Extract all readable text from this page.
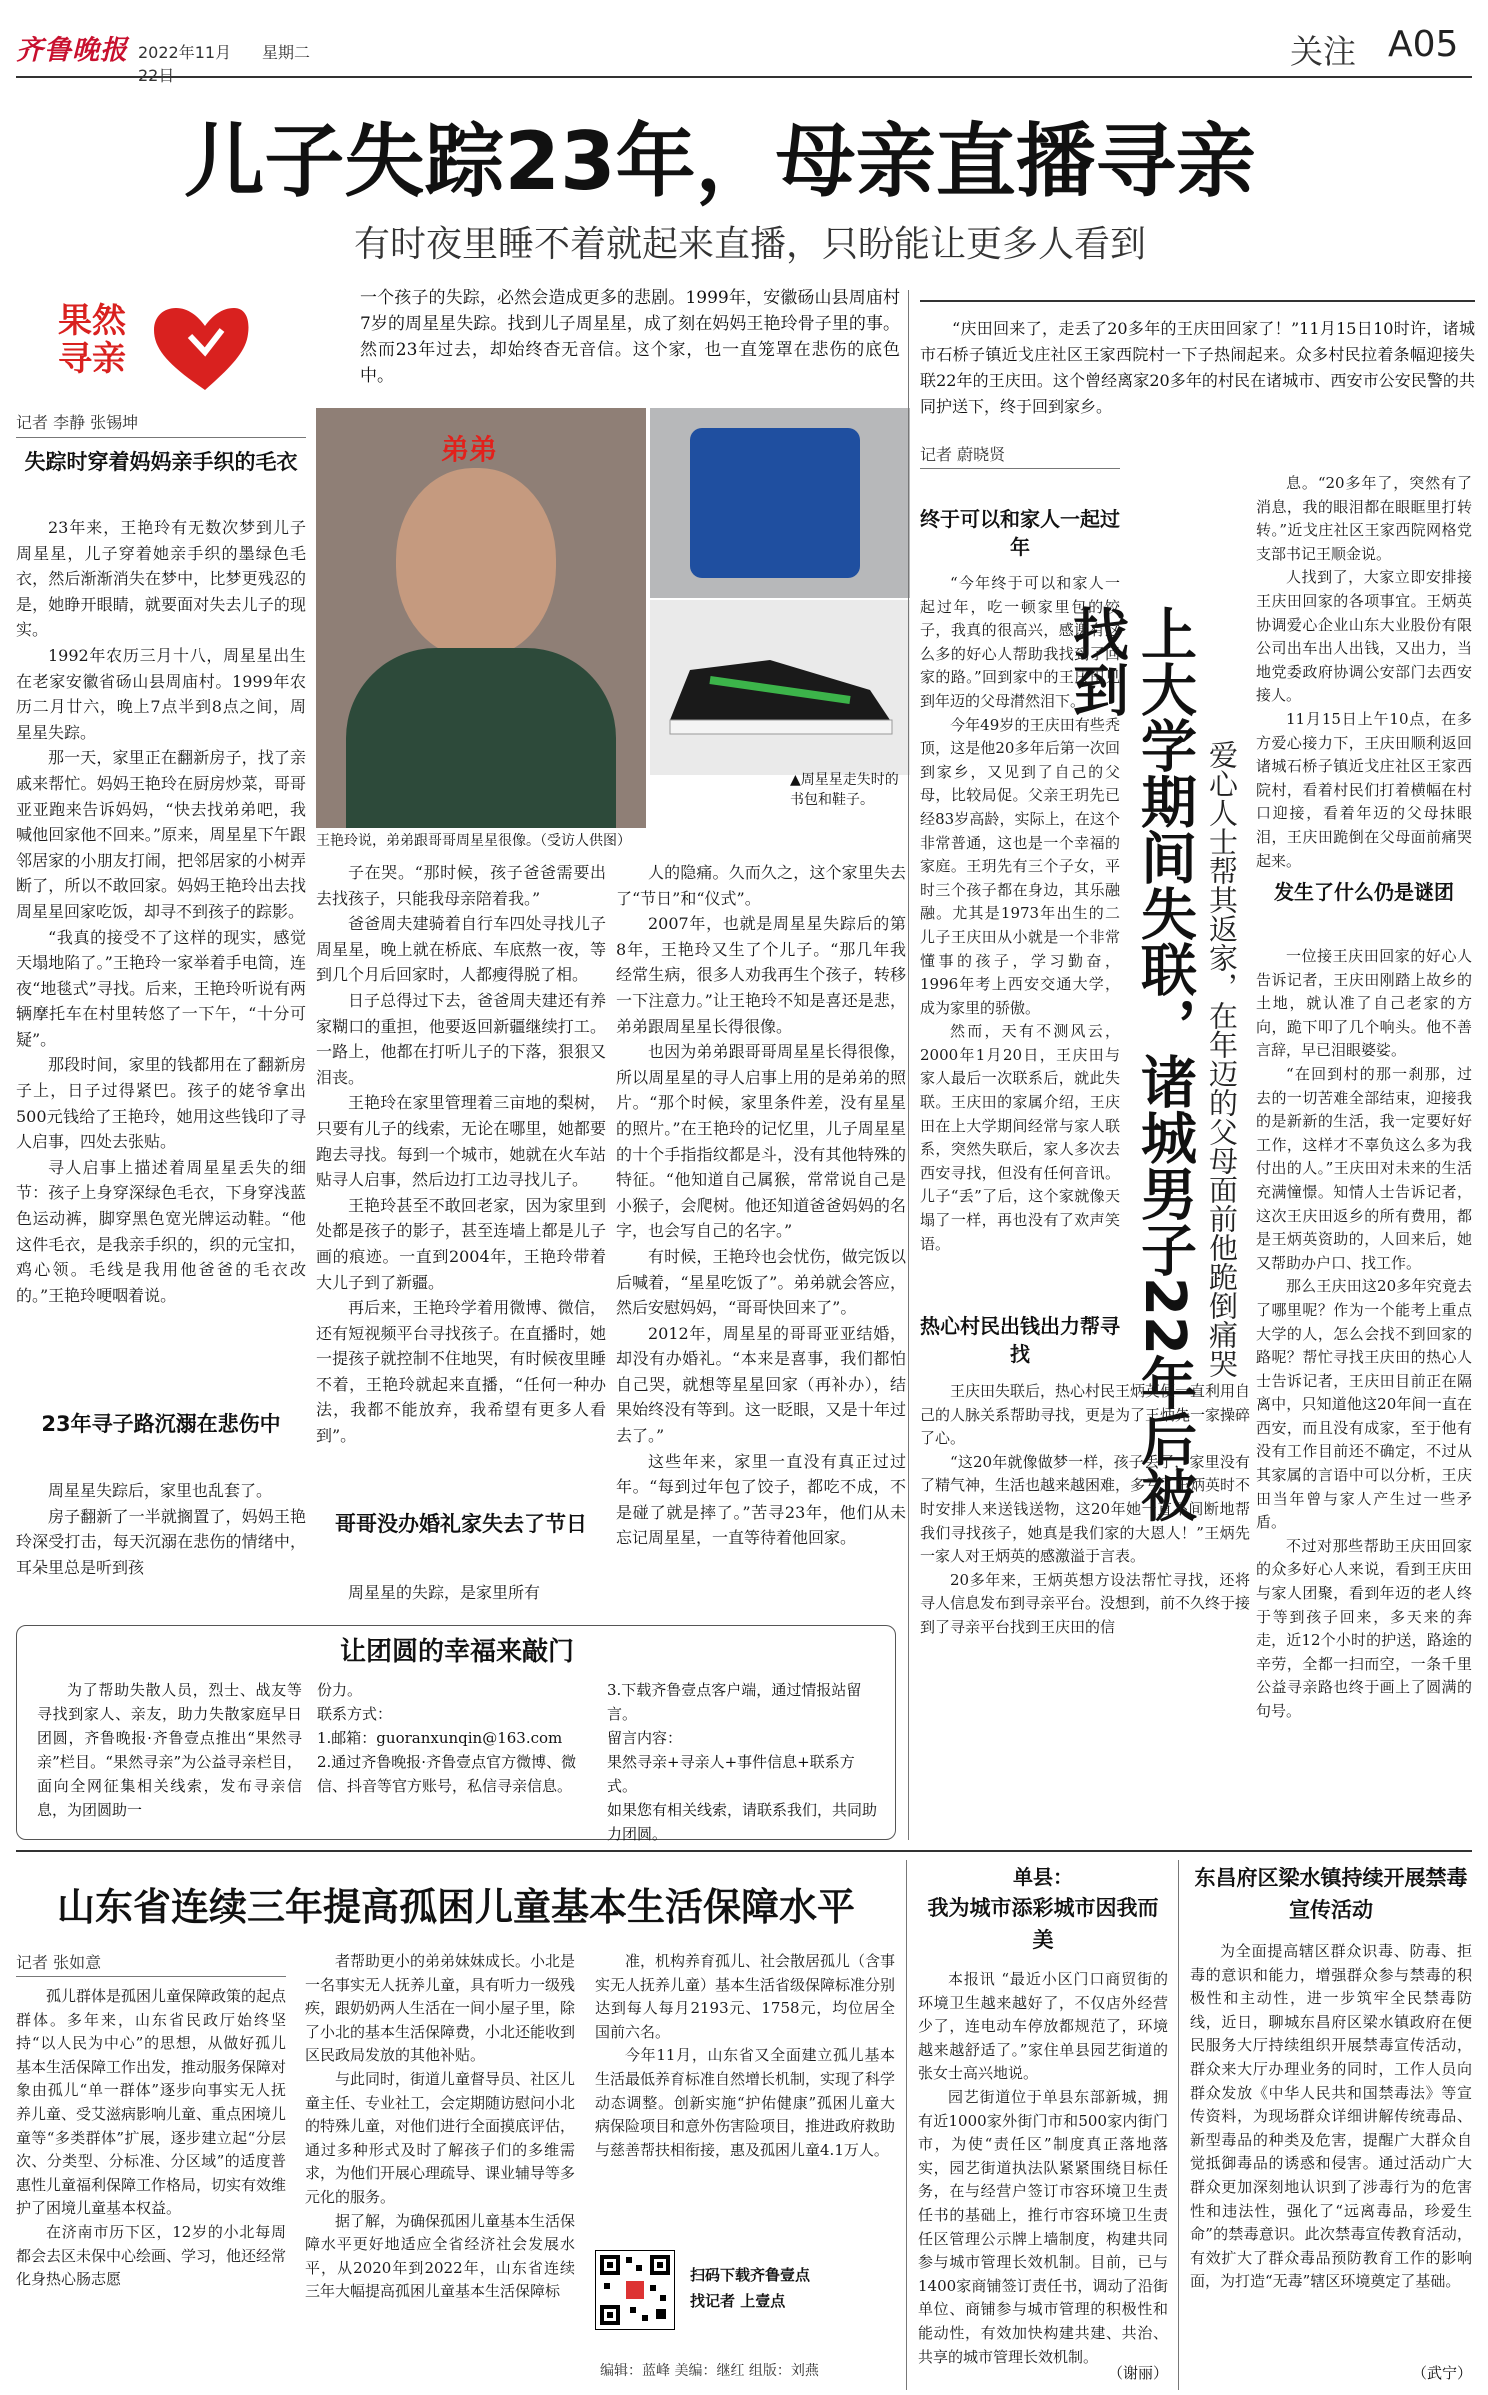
齐鲁晚报 2022年11月	星期二	关注 A05
儿子失踪23年，母亲直播寻亲
有时夜里睡不着就起来直播，只盼能让更多人看到
果然寻亲
一个孩子的失踪，必然会造成更多的悲剧。1999年，安徽砀山县周庙村7岁的周星星失踪。找到儿子周星星，成了刻在妈妈王艳玲骨子里的事。然而23年过去，却始终杳无音信。这个家，也一直笼罩在悲伤的底色中。
记者 李静 张锡坤
弟弟
▲周星星走失时的书包和鞋子。
王艳玲说，弟弟跟哥哥周星星很像。（受访人供图）
失踪时穿着妈妈亲手织的毛衣

23年来，王艳玲有无数次梦到儿子周星星，儿子穿着她亲手织的墨绿色毛衣，然后渐渐消失在梦中，比梦更残忍的是，她睁开眼睛，就要面对失去儿子的现实。

1992年农历三月十八，周星星出生在老家安徽省砀山县周庙村。1999年农历二月廿六，晚上7点半到8点之间，周星星失踪。

那一天，家里正在翻新房子，找了亲戚来帮忙。妈妈王艳玲在厨房炒菜，哥哥亚亚跑来告诉妈妈，“快去找弟弟吧，我喊他回家他不回来。”原来，周星星下午跟邻居家的小朋友打闹，把邻居家的小树弄断了，所以不敢回家。妈妈王艳玲出去找周星星回家吃饭，却寻不到孩子的踪影。

“我真的接受不了这样的现实，感觉天塌地陷了。”王艳玲一家举着手电筒，连夜“地毯式”寻找。后来，王艳玲听说有两辆摩托车在村里转悠了一下午，“十分可疑”。

那段时间，家里的钱都用在了翻新房子上，日子过得紧巴。孩子的姥爷拿出500元钱给了王艳玲，她用这些钱印了寻人启事，四处去张贴。

寻人启事上描述着周星星丢失的细节：孩子上身穿深绿色毛衣，下身穿浅蓝色运动裤，脚穿黑色宽光牌运动鞋。“他这件毛衣，是我亲手织的，织的元宝扣，鸡心领。毛线是我用他爸爸的毛衣改的。”王艳玲哽咽着说。

23年寻子路沉溺在悲伤中

周星星失踪后，家里也乱套了。

房子翻新了一半就搁置了，妈妈王艳玲深受打击，每天沉溺在悲伤的情绪中，耳朵里总是听到孩

子在哭。“那时候，孩子爸爸需要出去找孩子，只能我母亲陪着我。”

爸爸周夫建骑着自行车四处寻找儿子周星星，晚上就在桥底、车底熬一夜，等到几个月后回家时，人都瘦得脱了相。

日子总得过下去，爸爸周夫建还有养家糊口的重担，他要返回新疆继续打工。一路上，他都在打听儿子的下落，狠狠又泪丧。

王艳玲在家里管理着三亩地的梨树，只要有儿子的线索，无论在哪里，她都要跑去寻找。每到一个城市，她就在火车站贴寻人启事，然后边打工边寻找儿子。

王艳玲甚至不敢回老家，因为家里到处都是孩子的影子，甚至连墙上都是儿子画的痕迹。一直到2004年，王艳玲带着大儿子到了新疆。

再后来，王艳玲学着用微博、微信，还有短视频平台寻找孩子。在直播时，她一提孩子就控制不住地哭，有时候夜里睡不着，王艳玲就起来直播，“任何一种办法，我都不能放弃，我希望有更多人看到”。

哥哥没办婚礼家失去了节日

周星星的失踪，是家里所有

人的隐痛。久而久之，这个家里失去了“节日”和“仪式”。

2007年，也就是周星星失踪后的第8年，王艳玲又生了个儿子。“那几年我经常生病，很多人劝我再生个孩子，转移一下注意力。”让王艳玲不知是喜还是悲，弟弟跟周星星长得很像。

也因为弟弟跟哥哥周星星长得很像，所以周星星的寻人启事上用的是弟弟的照片。“那个时候，家里条件差，没有星星的照片。”在王艳玲的记忆里，儿子周星星的十个手指指纹都是斗，没有其他特殊的特征。“他知道自己属猴，常常说自己是小猴子，会爬树。他还知道爸爸妈妈的名字，也会写自己的名字。”

有时候，王艳玲也会忧伤，做完饭以后喊着，“星星吃饭了”。弟弟就会答应，然后安慰妈妈，“哥哥快回来了”。

2012年，周星星的哥哥亚亚结婚，却没有办婚礼。“本来是喜事，我们都怕自己哭，就想等星星回家（再补办），结果始终没有等到。这一眨眼，又是十年过去了。”

这些年来，家里一直没有真正过过年。“每到过年包了饺子，都吃不成，不是碰了就是摔了。”苦寻23年，他们从未忘记周星星，一直等待着他回家。

让团圆的幸福来敲门
为了帮助失散人员，烈士、战友等寻找到家人、亲友，助力失散家庭早日团圆，齐鲁晚报·齐鲁壹点推出“果然寻亲”栏目。“果然寻亲”为公益寻亲栏目，面向全网征集相关线索，发布寻亲信息，为团圆助一
份力。
联系方式：
1.邮箱：guoranxunqin@163.com
2.通过齐鲁晚报·齐鲁壹点官方微博、微信、抖音等官方账号，私信寻亲信息。
3.下载齐鲁壹点客户端，通过情报站留言。
留言内容：
果然寻亲+寻亲人+事件信息+联系方式。
如果您有相关线索，请联系我们，共同助力团圆。
“庆田回来了，走丢了20多年的王庆田回家了！”11月15日10时许，诸城市石桥子镇近戈庄社区王家西院村一下子热闹起来。众多村民拉着条幅迎接失联22年的王庆田。这个曾经离家20多年的村民在诸城市、西安市公安民警的共同护送下，终于回到家乡。
记者 蔚晓贤
上大学期间失联，诸城男子22年后被找到
爱心人士帮其返家，在年迈的父母面前他跪倒痛哭
终于可以和家人一起过年

“今年终于可以和家人一起过年，吃一顿家里包的饺子，我真的很高兴，感谢有这么多的好心人帮助我找到了回家的路。”回到家中的王庆田见到年迈的父母潸然泪下。

今年49岁的王庆田有些秃顶，这是他20多年后第一次回到家乡，又见到了自己的父母，比较局促。父亲王玥先已经83岁高龄，实际上，在这个非常普通，这也是一个幸福的家庭。王玥先有三个子女，平时三个孩子都在身边，其乐融融。尤其是1973年出生的二儿子王庆田从小就是一个非常懂事的孩子，学习勤奋，1996年考上西安交通大学，成为家里的骄傲。

然而，天有不测风云，2000年1月20日，王庆田与家人最后一次联系后，就此失联。王庆田的家属介绍，王庆田在上大学期间经常与家人联系，突然失联后，家人多次去西安寻找，但没有任何音讯。儿子“丢”了后，这个家就像天塌了一样，再也没有了欢声笑语。

热心村民出钱出力帮寻找

王庆田失联后，热心村民王炳英便一直利用自己的人脉关系帮助寻找，更是为了王炳先一家操碎了心。

“这20年就像做梦一样，孩子丢了，家里没有了精气神，生活也越来越困难，多亏了王炳英时不时安排人来送钱送物，这20年她一直不间断地帮我们寻找孩子，她真是我们家的大恩人！”王炳先一家人对王炳英的感激溢于言表。

20多年来，王炳英想方设法帮忙寻找，还将寻人信息发布到寻亲平台。没想到，前不久终于接到了寻亲平台找到王庆田的信

息。“20多年了，突然有了消息，我的眼泪都在眼眶里打转转。”近戈庄社区王家西院网格党支部书记王顺金说。

人找到了，大家立即安排接王庆田回家的各项事宜。王炳英协调爱心企业山东大业股份有限公司出车出人出钱，又出力，当地党委政府协调公安部门去西安接人。

11月15日上午10点，在多方爱心接力下，王庆田顺利返回诸城石桥子镇近戈庄社区王家西院村，看着村民们打着横幅在村口迎接，看着年迈的父母抹眼泪，王庆田跪倒在父母面前痛哭起来。

发生了什么仍是谜团

一位接王庆田回家的好心人告诉记者，王庆田刚踏上故乡的土地，就认准了自己老家的方向，跪下叩了几个响头。他不善言辞，早已泪眼婆娑。

“在回到村的那一刹那，过去的一切苦难全部结束，迎接我的是新新的生活，我一定要好好工作，这样才不辜负这么多为我付出的人。”王庆田对未来的生活充满憧憬。知情人士告诉记者，这次王庆田返乡的所有费用，都是王炳英资助的，人回来后，她又帮助办户口、找工作。

那么王庆田这20多年究竟去了哪里呢？作为一个能考上重点大学的人，怎么会找不到回家的路呢？帮忙寻找王庆田的热心人士告诉记者，王庆田目前正在隔离中，只知道他这20年间一直在西安，而且没有成家，至于他有没有工作目前还不确定，不过从其家属的言语中可以分析，王庆田当年曾与家人产生过一些矛盾。

不过对那些帮助王庆田回家的众多好心人来说，看到王庆田与家人团聚，看到年迈的老人终于等到孩子回来，多天来的奔走，近12个小时的护送，路途的辛劳，全都一扫而空，一条千里公益寻亲路也终于画上了圆满的句号。

山东省连续三年提高孤困儿童基本生活保障水平
记者 张如意

孤儿群体是孤困儿童保障政策的起点群体。多年来，山东省民政厅始终坚持“以人民为中心”的思想，从做好孤儿基本生活保障工作出发，推动服务保障对象由孤儿“单一群体”逐步向事实无人抚养儿童、受艾滋病影响儿童、重点困境儿童等“多类群体”扩展，逐步建立起“分层次、分类型、分标准、分区域”的适度普惠性儿童福利保障工作格局，切实有效维护了困境儿童基本权益。

在济南市历下区，12岁的小北每周都会去区未保中心绘画、学习，他还经常化身热心肠志愿

者帮助更小的弟弟妹妹成长。小北是一名事实无人抚养儿童，具有听力一级残疾，跟奶奶两人生活在一间小屋子里，除了小北的基本生活保障费，小北还能收到区民政局发放的其他补贴。

与此同时，街道儿童督导员、社区儿童主任、专业社工，会定期随访慰问小北的特殊儿童，对他们进行全面摸底评估，通过多种形式及时了解孩子们的多维需求，为他们开展心理疏导、课业辅导等多元化的服务。

据了解，为确保孤困儿童基本生活保障水平更好地适应全省经济社会发展水平，从2020年到2022年，山东省连续三年大幅提高孤困儿童基本生活保障标

准，机构养育孤儿、社会散居孤儿（含事实无人抚养儿童）基本生活省级保障标准分别达到每人每月2193元、1758元，均位居全国前六名。

今年11月，山东省又全面建立孤儿基本生活最低养育标准自然增长机制，实现了科学动态调整。创新实施“护佑健康”孤困儿童大病保险项目和意外伤害险项目，推进政府救助与慈善帮扶相衔接，惠及孤困儿童4.1万人。

扫码下载齐鲁壹点
找记者 上壹点
编辑：蓝峰 美编：继红 组版：刘燕
单县：
我为城市添彩城市因我而美

本报讯 “最近小区门口商贸街的环境卫生越来越好了，不仅店外经营少了，连电动车停放都规范了，环境越来越舒适了。”家住单县园艺街道的张女士高兴地说。

园艺街道位于单县东部新城，拥有近1000家外街门市和500家内街门市，为使“责任区”制度真正落地落实，园艺街道执法队紧紧围绕目标任务，在与经营户签订市容环境卫生责任书的基础上，推行市容环境卫生责任区管理公示牌上墙制度，构建共同参与城市管理长效机制。目前，已与1400家商铺签订责任书，调动了沿街单位、商铺参与城市管理的积极性和能动性，有效加快构建共建、共治、共享的城市管理长效机制。

（谢丽）
东昌府区梁水镇持续开展禁毒宣传活动

为全面提高辖区群众识毒、防毒、拒毒的意识和能力，增强群众参与禁毒的积极性和主动性，进一步筑牢全民禁毒防线，近日，聊城东昌府区梁水镇政府在便民服务大厅持续组织开展禁毒宣传活动，群众来大厅办理业务的同时，工作人员向群众发放《中华人民共和国禁毒法》等宣传资料，为现场群众详细讲解传统毒品、新型毒品的种类及危害，提醒广大群众自觉抵御毒品的诱惑和侵害。通过活动广大群众更加深刻地认识到了涉毒行为的危害性和违法性，强化了“远离毒品，珍爱生命”的禁毒意识。此次禁毒宣传教育活动，有效扩大了群众毒品预防教育工作的影响面，为打造“无毒”辖区环境奠定了基础。

（武宁）
